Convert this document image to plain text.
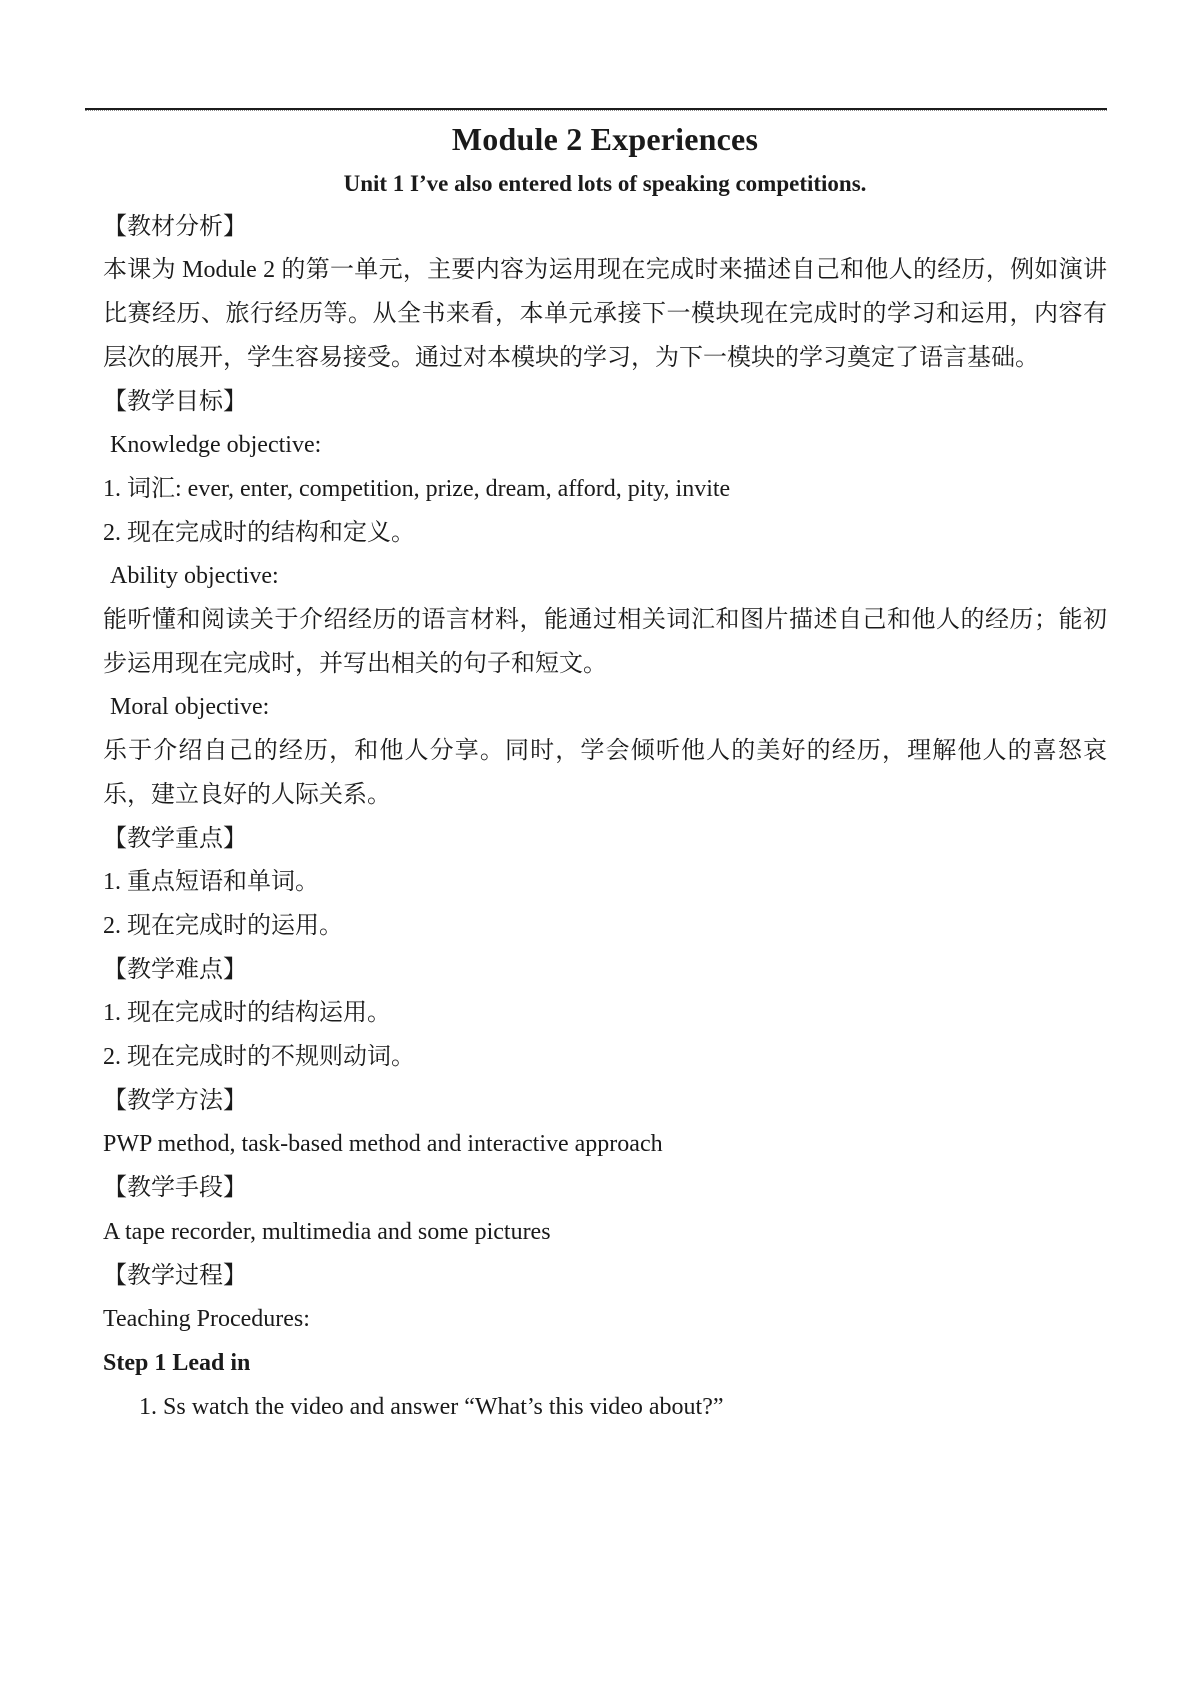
Module 2 Experiences
Unit 1 I’ve also entered lots of speaking competitions.
【教材分析】
本课为 Module 2 的第一单元，主要内容为运用现在完成时来描述自己和他人的经历，例如演讲比赛经历、旅行经历等。从全书来看，本单元承接下一模块现在完成时的学习和运用，内容有层次的展开，学生容易接受。通过对本模块的学习，为下一模块的学习奠定了语言基础。
【教学目标】
Knowledge objective:
1. 词汇: ever, enter, competition, prize, dream, afford, pity, invite
2. 现在完成时的结构和定义。
Ability objective:
能听懂和阅读关于介绍经历的语言材料，能通过相关词汇和图片描述自己和他人的经历；能初步运用现在完成时，并写出相关的句子和短文。
Moral objective:
乐于介绍自己的经历，和他人分享。同时，学会倾听他人的美好的经历，理解他人的喜怒哀乐，建立良好的人际关系。
【教学重点】
1. 重点短语和单词。
2. 现在完成时的运用。
【教学难点】
1. 现在完成时的结构运用。
2. 现在完成时的不规则动词。
【教学方法】
PWP method, task-based method and interactive approach
【教学手段】
A tape recorder, multimedia and some pictures
【教学过程】
Teaching Procedures:
Step 1 Lead in
1. Ss watch the video and answer “What’s this video about?”
